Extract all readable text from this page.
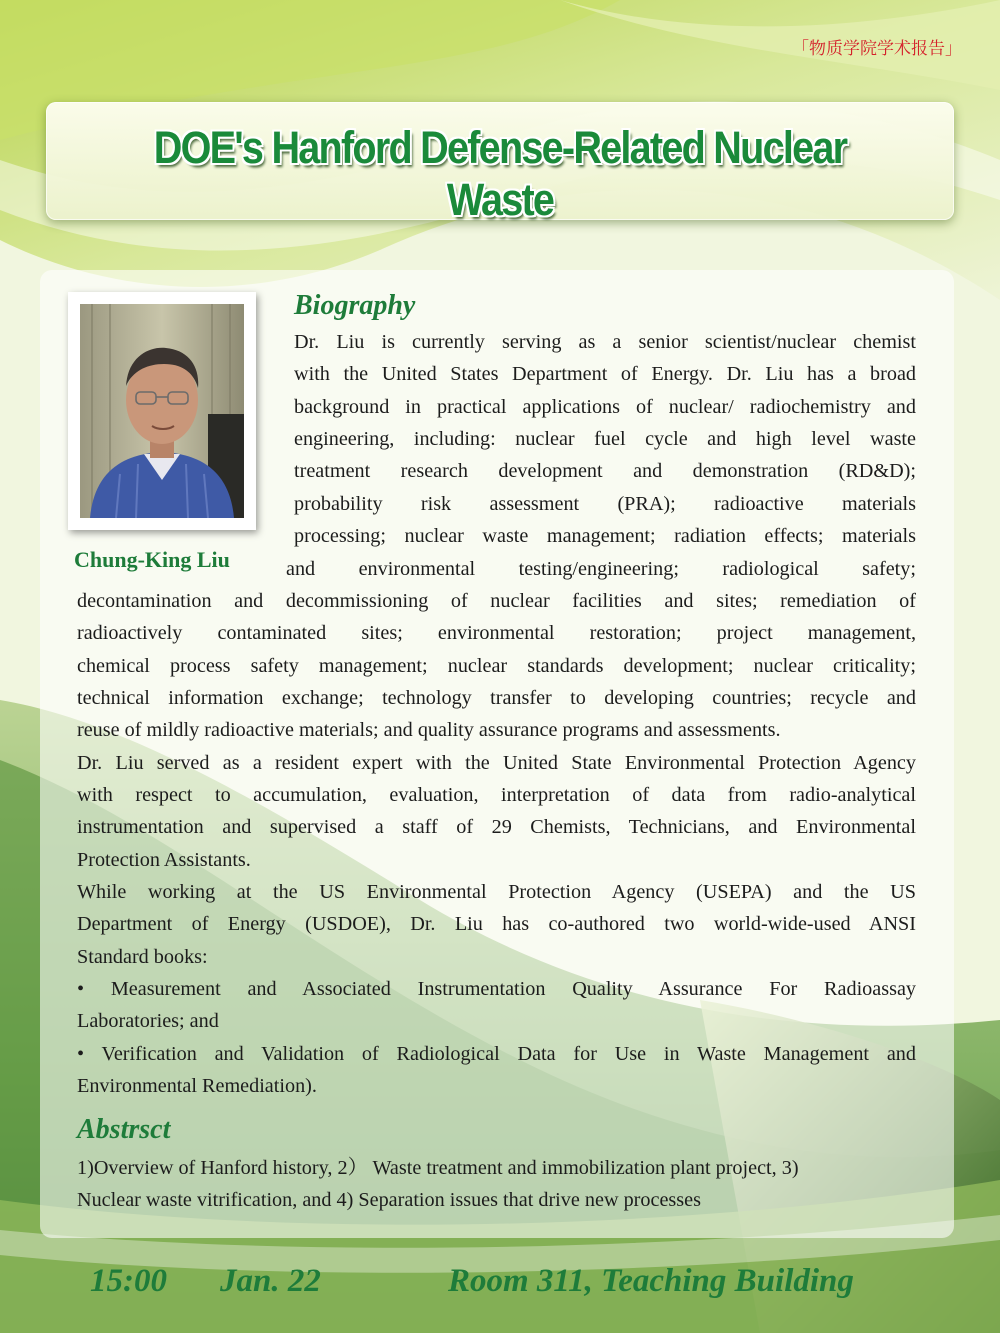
「物质学院学术报告」
DOE's Hanford Defense-Related Nuclear Waste
Chung-King Liu
Biography
Dr. Liu is currently serving as a senior scientist/nuclear chemist
with the United States Department of Energy. Dr. Liu has a broad
background in practical applications of nuclear/ radiochemistry and
engineering, including: nuclear fuel cycle and high level waste
treatment research development and demonstration (RD&D);
probability risk assessment (PRA); radioactive materials
processing; nuclear waste management; radiation effects; materials
and environmental testing/engineering; radiological safety;
decontamination and decommissioning of nuclear facilities and sites; remediation of
radioactively contaminated sites; environmental restoration; project management,
chemical process safety management; nuclear standards development; nuclear criticality;
technical information exchange; technology transfer to developing countries; recycle and
reuse of mildly radioactive materials; and quality assurance programs and assessments.
Dr. Liu served as a resident expert with the United State Environmental Protection Agency
with respect to accumulation, evaluation, interpretation of data from radio-analytical
instrumentation and supervised a staff of 29 Chemists, Technicians, and Environmental
Protection Assistants.
While working at the US Environmental Protection Agency (USEPA) and the US
Department of Energy (USDOE), Dr. Liu has co-authored two world-wide-used ANSI
Standard books:
• Measurement and Associated Instrumentation Quality Assurance For Radioassay
Laboratories; and
• Verification and Validation of Radiological Data for Use in Waste Management and
Environmental Remediation).
Abstrsct
1)Overview of Hanford history, 2） Waste treatment and immobilization plant project, 3)
Nuclear waste vitrification, and 4) Separation issues that drive new processes
15:00 Jan. 22	Room 311, Teaching Building
